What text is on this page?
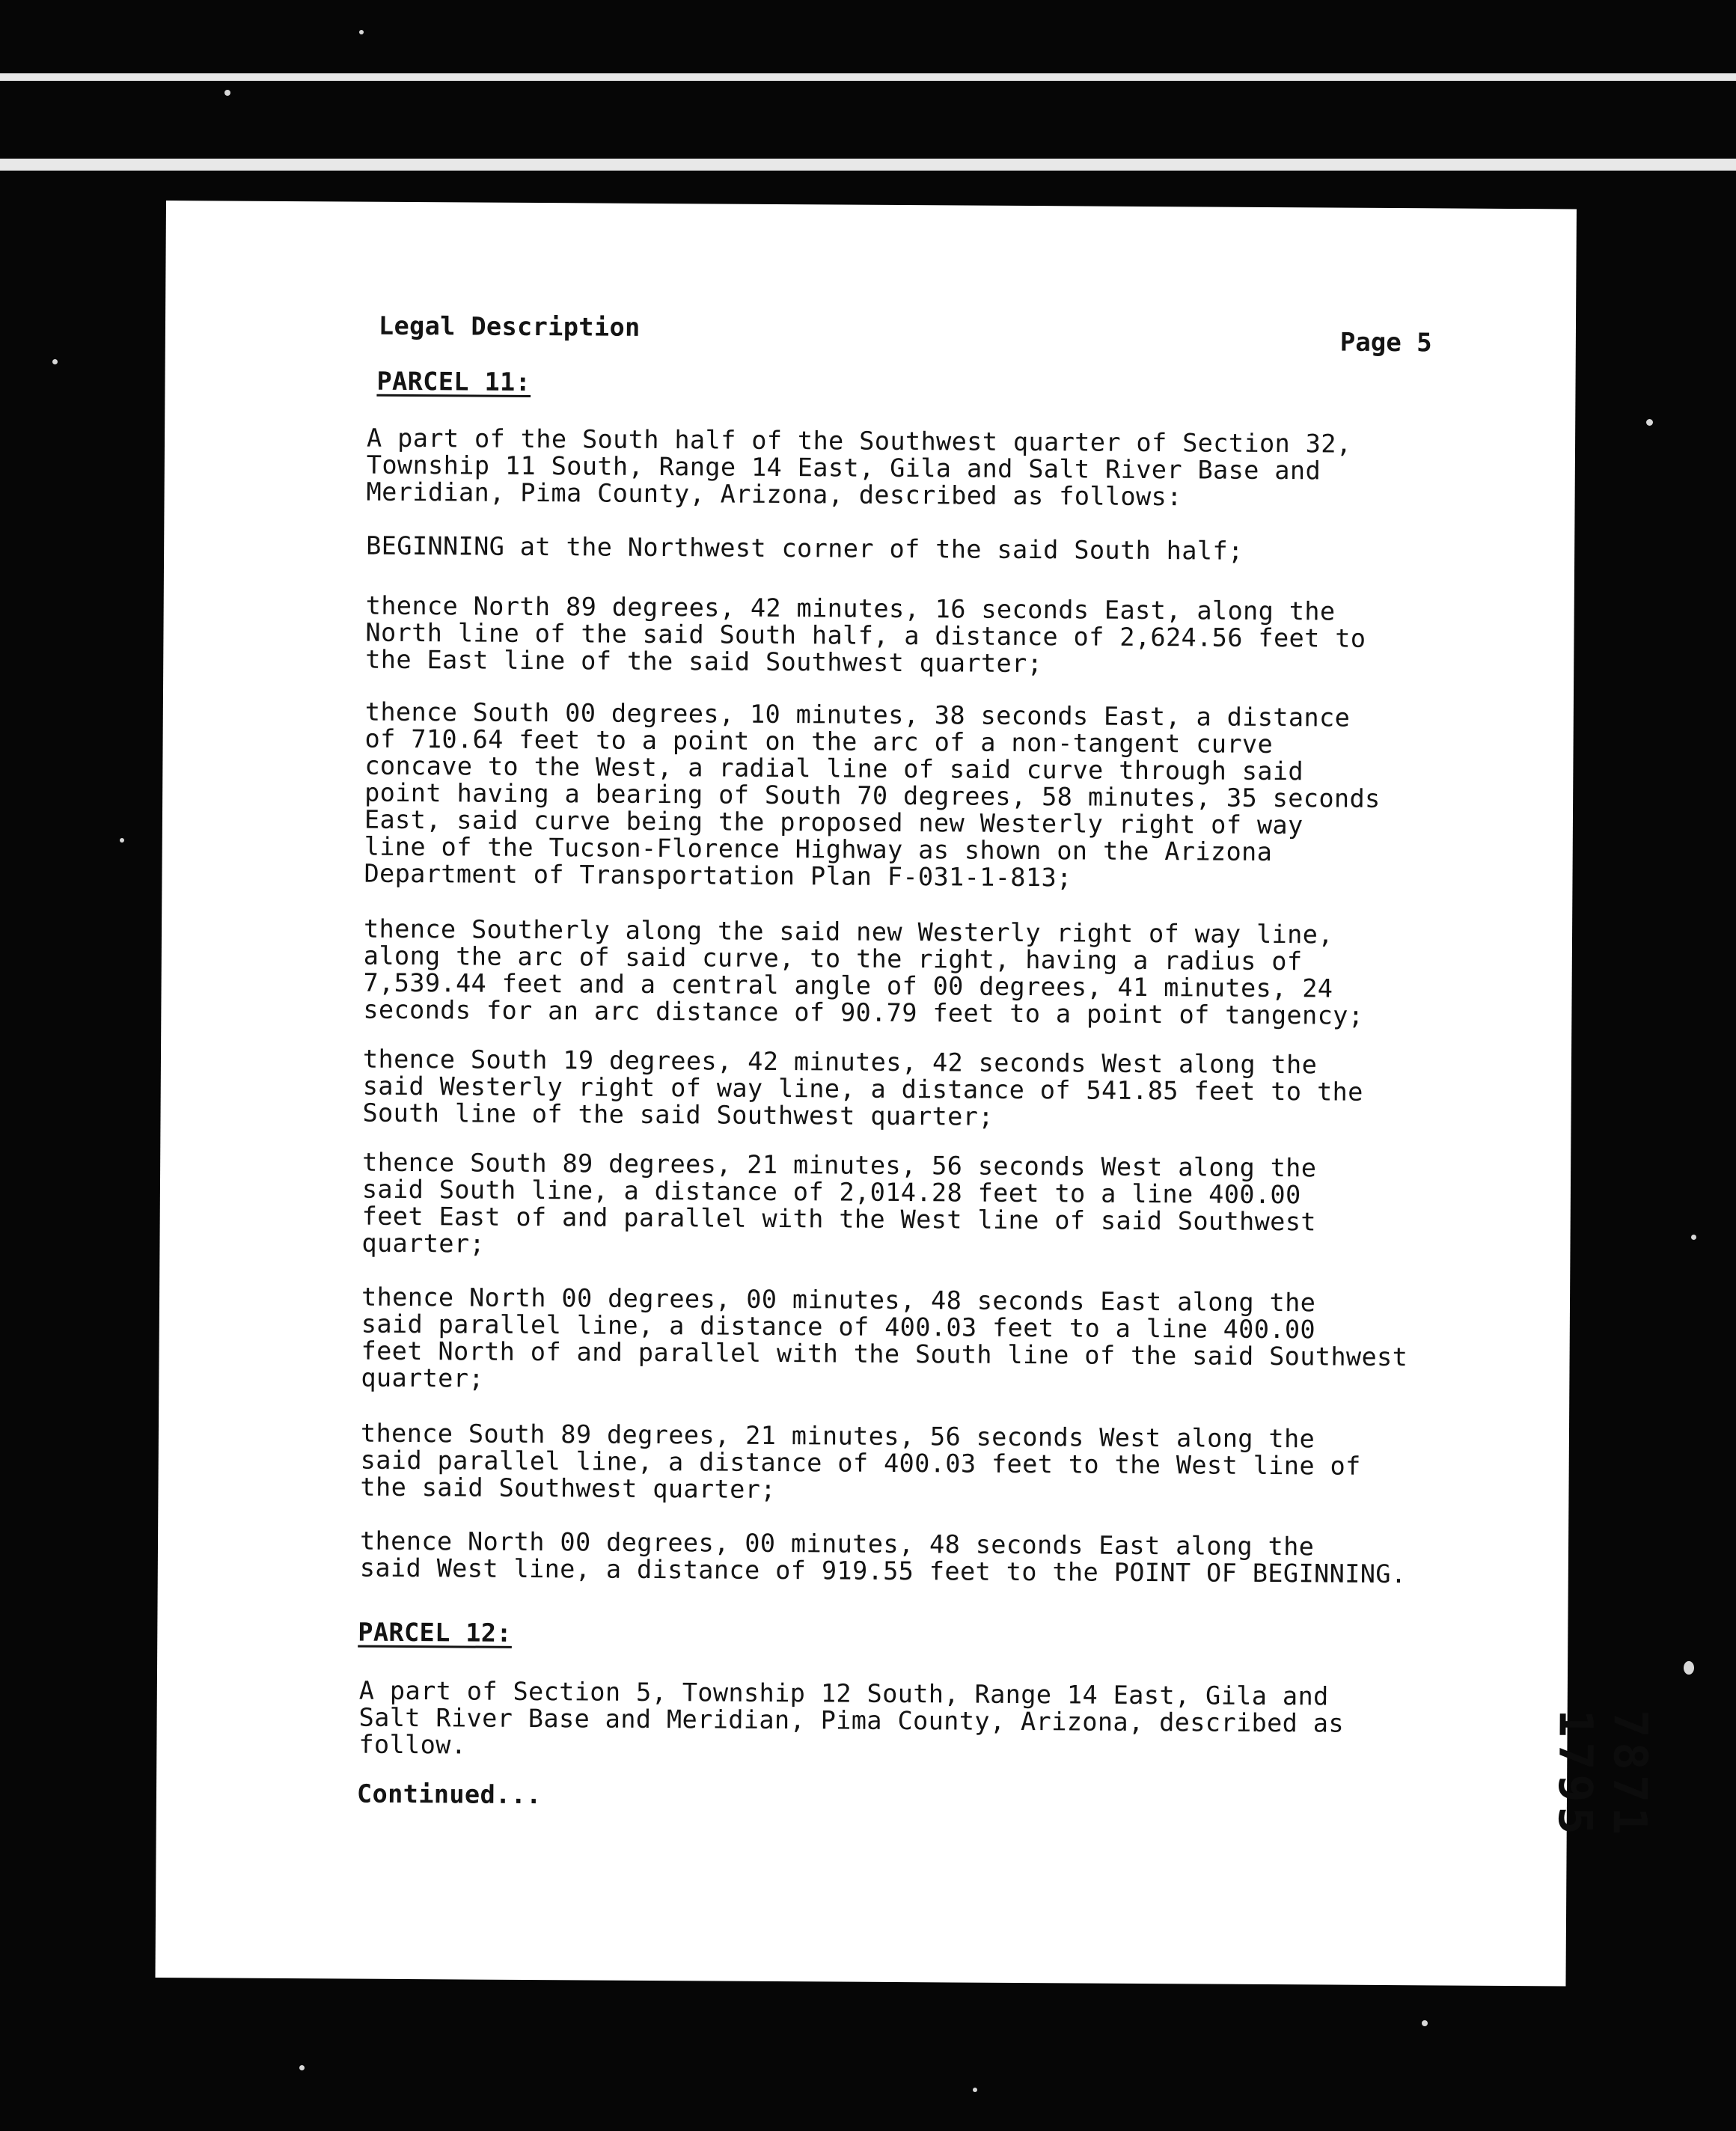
Legal Description
Page 5
PARCEL 11:
A part of the South half of the Southwest quarter of Section 32,
Township 11 South, Range 14 East, Gila and Salt River Base and
Meridian, Pima County, Arizona, described as follows:
BEGINNING at the Northwest corner of the said South half;
thence North 89 degrees, 42 minutes, 16 seconds East, along the
North line of the said South half, a distance of 2,624.56 feet to
the East line of the said Southwest quarter;
thence South 00 degrees, 10 minutes, 38 seconds East, a distance
of 710.64 feet to a point on the arc of a non-tangent curve
concave to the West, a radial line of said curve through said
point having a bearing of South 70 degrees, 58 minutes, 35 seconds
East, said curve being the proposed new Westerly right of way
line of the Tucson-Florence Highway as shown on the Arizona
Department of Transportation Plan F-031-1-813;
thence Southerly along the said new Westerly right of way line,
along the arc of said curve, to the right, having a radius of
7,539.44 feet and a central angle of 00 degrees, 41 minutes, 24
seconds for an arc distance of 90.79 feet to a point of tangency;
thence South 19 degrees, 42 minutes, 42 seconds West along the
said Westerly right of way line, a distance of 541.85 feet to the
South line of the said Southwest quarter;
thence South 89 degrees, 21 minutes, 56 seconds West along the
said South line, a distance of 2,014.28 feet to a line 400.00
feet East of and parallel with the West line of said Southwest
quarter;
thence North 00 degrees, 00 minutes, 48 seconds East along the
said parallel line, a distance of 400.03 feet to a line 400.00
feet North of and parallel with the South line of the said Southwest
quarter;
thence South 89 degrees, 21 minutes, 56 seconds West along the
said parallel line, a distance of 400.03 feet to the West line of
the said Southwest quarter;
thence North 00 degrees, 00 minutes, 48 seconds East along the
said West line, a distance of 919.55 feet to the POINT OF BEGINNING.
PARCEL 12:
A part of Section 5, Township 12 South, Range 14 East, Gila and
Salt River Base and Meridian, Pima County, Arizona, described as
follow.
Continued...	7871 1795
